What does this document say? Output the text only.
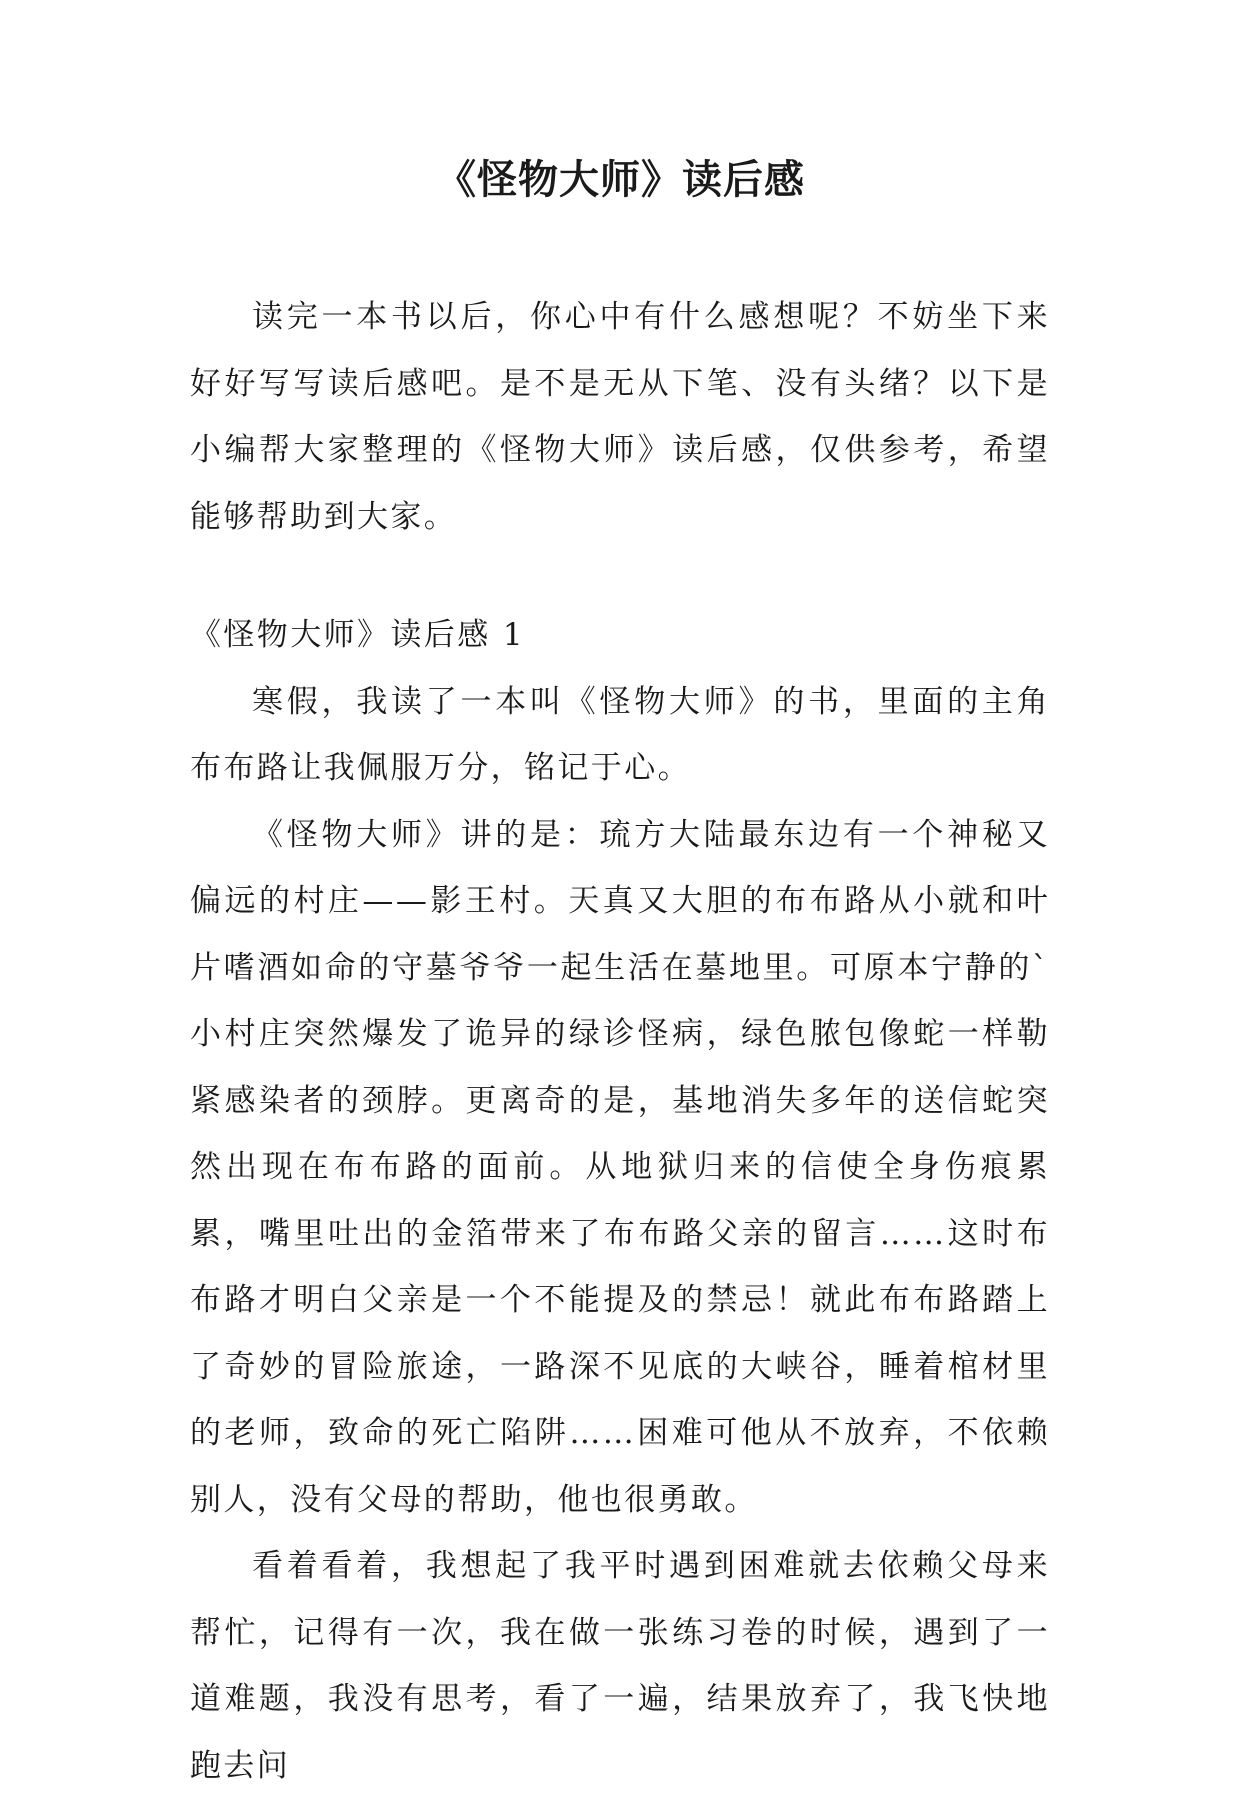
《怪物大师》读后感

读完一本书以后，你心中有什么感想呢？不妨坐下来好好写写读后感吧。是不是无从下笔、没有头绪？以下是小编帮大家整理的《怪物大师》读后感，仅供参考，希望能够帮助到大家。

《怪物大师》读后感 1

寒假，我读了一本叫《怪物大师》的书，里面的主角布布路让我佩服万分，铭记于心。

《怪物大师》讲的是：琉方大陆最东边有一个神秘又偏远的村庄——影王村。天真又大胆的布布路从小就和叶片嗜酒如命的守墓爷爷一起生活在墓地里。可原本宁静的`小村庄突然爆发了诡异的绿诊怪病，绿色脓包像蛇一样勒紧感染者的颈脖。更离奇的是，基地消失多年的送信蛇突然出现在布布路的面前。从地狱归来的信使全身伤痕累累，嘴里吐出的金箔带来了布布路父亲的留言……这时布布路才明白父亲是一个不能提及的禁忌！就此布布路踏上了奇妙的冒险旅途，一路深不见底的大峡谷，睡着棺材里的老师，致命的死亡陷阱……困难可他从不放弃，不依赖别人，没有父母的帮助，他也很勇敢。

看着看着，我想起了我平时遇到困难就去依赖父母来帮忙，记得有一次，我在做一张练习卷的时候，遇到了一道难题，我没有思考，看了一遍，结果放弃了，我飞快地跑去问
